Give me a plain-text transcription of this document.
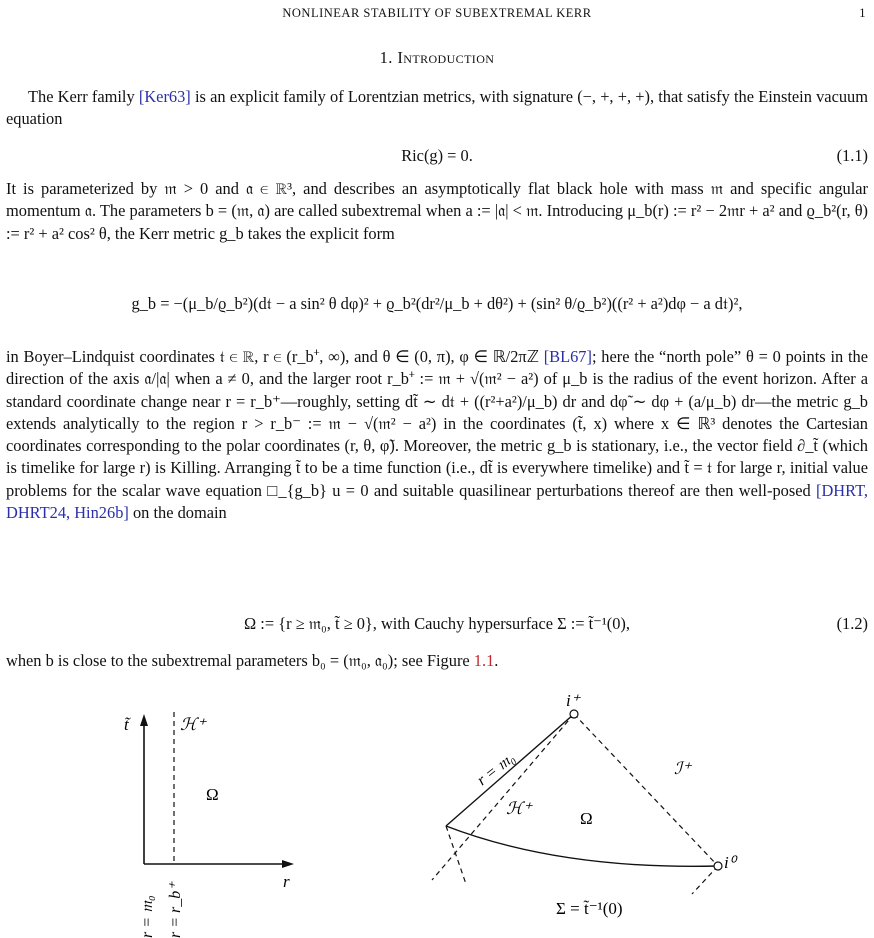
NONLINEAR STABILITY OF SUBEXTREMAL KERR	1
1. Introduction
The Kerr family [Ker63] is an explicit family of Lorentzian metrics, with signature (−, +, +, +), that satisfy the Einstein vacuum equation
Ric(g) = 0.	(1.1)
It is parameterized by 𝔪 > 0 and 𝔞 ∈ ℝ³, and describes an asymptotically flat black hole with mass 𝔪 and specific angular momentum 𝔞. The parameters b = (𝔪, 𝔞) are called subextremal when a := |𝔞| < 𝔪. Introducing μ_b(r) := r² − 2𝔪r + a² and ϱ_b²(r, θ) := r² + a² cos² θ, the Kerr metric g_b takes the explicit form
g_b = −(μ_b/ϱ_b²)(d𝔱 − a sin² θ dφ)² + ϱ_b²(dr²/μ_b + dθ²) + (sin² θ/ϱ_b²)((r² + a²)dφ − a d𝔱)²,
in Boyer–Lindquist coordinates 𝔱 ∈ ℝ, r ∈ (r_b⁺, ∞), and θ ∈ (0, π), φ ∈ ℝ/2πℤ [BL67]; here the “north pole” θ = 0 points in the direction of the axis 𝔞/|𝔞| when a ≠ 0, and the larger root r_b⁺ := 𝔪 + √(𝔪² − a²) of μ_b is the radius of the event horizon. After a standard coordinate change near r = r_b⁺—roughly, setting dt̃ ∼ d𝔱 + ((r²+a²)/μ_b) dr and dφ̃ ∼ dφ + (a/μ_b) dr—the metric g_b extends analytically to the region r > r_b⁻ := 𝔪 − √(𝔪² − a²) in the coordinates (t̃, x) where x ∈ ℝ³ denotes the Cartesian coordinates corresponding to the polar coordinates (r, θ, φ̃). Moreover, the metric g_b is stationary, i.e., the vector field ∂_t̃ (which is timelike for large r) is Killing. Arranging t̃ to be a time function (i.e., dt̃ is everywhere timelike) and t̃ = 𝔱 for large r, initial value problems for the scalar wave equation □_{g_b} u = 0 and suitable quasilinear perturbations thereof are then well-posed [DHRT, DHRT24, Hin26b] on the domain
Ω := {r ≥ 𝔪₀, t̃ ≥ 0}, with Cauchy hypersurface Σ := t̃⁻¹(0),	(1.2)
when b is close to the subextremal parameters b₀ = (𝔪₀, 𝔞₀); see Figure 1.1.
t̃	ℋ⁺
Ω
r
r = 𝔪₀ r = r_b⁺
i⁺
i⁰
r = 𝔪₀	ℐ⁺
ℋ⁺
Ω
Σ = t̃⁻¹(0)
